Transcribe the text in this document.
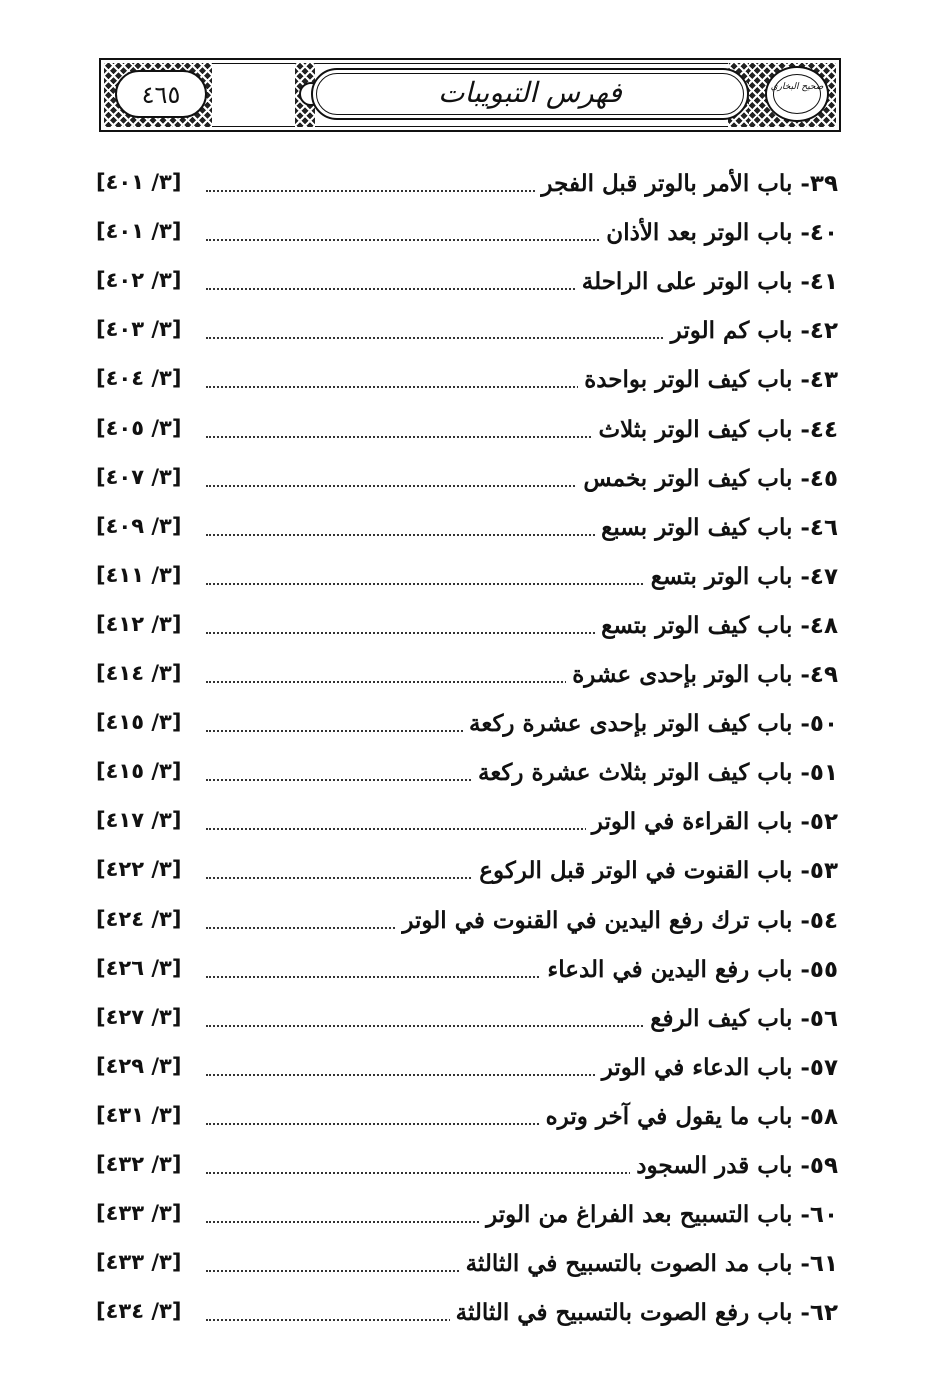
٤٦٥	فهرس التبويبات	صحيح البخاري
[٣/ ٤٠١]	٣٩- باب الأمر بالوتر قبل الفجر
[٣/ ٤٠١]	٤٠- باب الوتر بعد الأذان
[٣/ ٤٠٢]	٤١- باب الوتر على الراحلة
[٣/ ٤٠٣]	٤٢- باب كم الوتر
[٣/ ٤٠٤]	٤٣- باب كيف الوتر بواحدة
[٣/ ٤٠٥]	٤٤- باب كيف الوتر بثلاث
[٣/ ٤٠٧]	٤٥- باب كيف الوتر بخمس
[٣/ ٤٠٩]	٤٦- باب كيف الوتر بسبع
[٣/ ٤١١]	٤٧- باب الوتر بتسع
[٣/ ٤١٢]	٤٨- باب كيف الوتر بتسع
[٣/ ٤١٤]	٤٩- باب الوتر بإحدى عشرة
[٣/ ٤١٥]	٥٠- باب كيف الوتر بإحدى عشرة ركعة
[٣/ ٤١٥]	٥١- باب كيف الوتر بثلاث عشرة ركعة
[٣/ ٤١٧]	٥٢- باب القراءة في الوتر
[٣/ ٤٢٢]	٥٣- باب القنوت في الوتر قبل الركوع
[٣/ ٤٢٤]	٥٤- باب ترك رفع اليدين في القنوت في الوتر
[٣/ ٤٢٦]	٥٥- باب رفع اليدين في الدعاء
[٣/ ٤٢٧]	٥٦- باب كيف الرفع
[٣/ ٤٢٩]	٥٧- باب الدعاء في الوتر
[٣/ ٤٣١]	٥٨- باب ما يقول في آخر وتره
[٣/ ٤٣٢]	٥٩- باب قدر السجود
[٣/ ٤٣٣]	٦٠- باب التسبيح بعد الفراغ من الوتر
[٣/ ٤٣٣]	٦١- باب مد الصوت بالتسبيح في الثالثة
[٣/ ٤٣٤]	٦٢- باب رفع الصوت بالتسبيح في الثالثة
